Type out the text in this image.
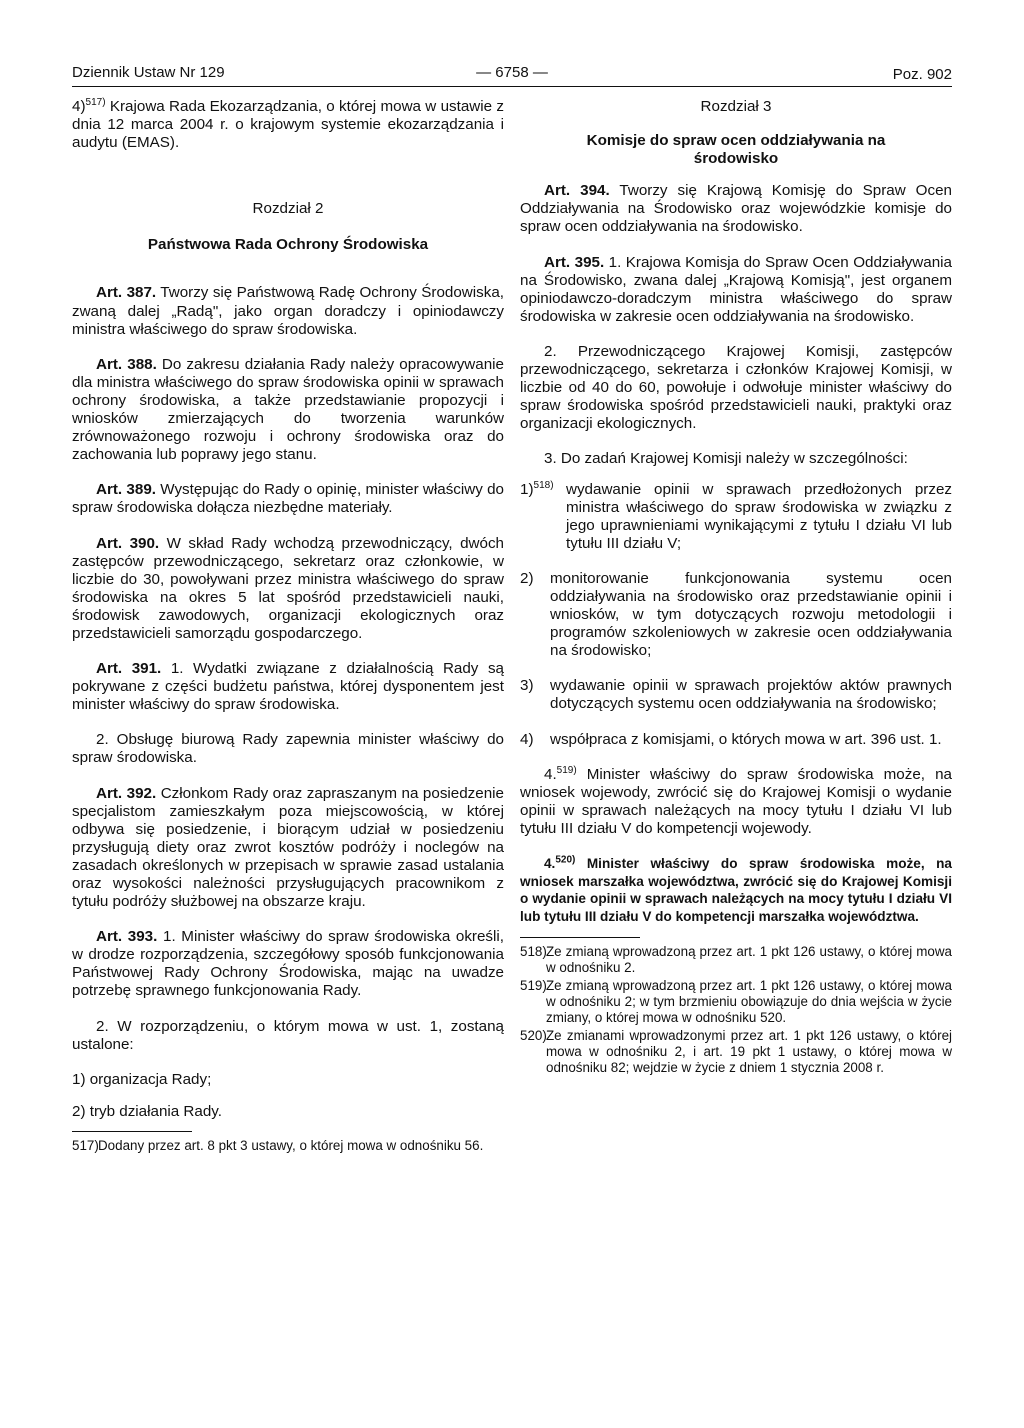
Dziennik Ustaw Nr 129	— 6758 —	Poz. 902
4)$^{517)}$ Krajowa Rada Ekozarządzania, o której mowa w ustawie z dnia 12 marca 2004 r. o krajowym systemie ekozarządzania i audytu (EMAS).

Rozdział 2

Państwowa Rada Ochrony Środowiska

Art. 387. Tworzy się Państwową Radę Ochrony Środowiska, zwaną dalej „Radą", jako organ doradczy i opiniodawczy ministra właściwego do spraw środowiska.

Art. 388. Do zakresu działania Rady należy opracowywanie dla ministra właściwego do spraw środowiska opinii w sprawach ochrony środowiska, a także przedstawianie propozycji i wniosków zmierzających do tworzenia warunków zrównoważonego rozwoju i ochrony środowiska oraz do zachowania lub poprawy jego stanu.

Art. 389. Występując do Rady o opinię, minister właściwy do spraw środowiska dołącza niezbędne materiały.

Art. 390. W skład Rady wchodzą przewodniczący, dwóch zastępców przewodniczącego, sekretarz oraz członkowie, w liczbie do 30, powoływani przez ministra właściwego do spraw środowiska na okres 5 lat spośród przedstawicieli nauki, środowisk zawodowych, organizacji ekologicznych oraz przedstawicieli samorządu gospodarczego.

Art. 391. 1. Wydatki związane z działalnością Rady są pokrywane z części budżetu państwa, której dysponentem jest minister właściwy do spraw środowiska.

2. Obsługę biurową Rady zapewnia minister właściwy do spraw środowiska.

Art. 392. Członkom Rady oraz zapraszanym na posiedzenie specjalistom zamieszkałym poza miejscowością, w której odbywa się posiedzenie, i biorącym udział w posiedzeniu przysługują diety oraz zwrot kosztów podróży i noclegów na zasadach określonych w przepisach w sprawie zasad ustalania oraz wysokości należności przysługujących pracownikom z tytułu podróży służbowej na obszarze kraju.

Art. 393. 1. Minister właściwy do spraw środowiska określi, w drodze rozporządzenia, szczegółowy sposób funkcjonowania Państwowej Rady Ochrony Środowiska, mając na uwadze potrzebę sprawnego funkcjonowania Rady.

2. W rozporządzeniu, o którym mowa w ust. 1, zostaną ustalone:

1) organizacja Rady;

2) tryb działania Rady.

517) Dodany przez art. 8 pkt 3 ustawy, o której mowa w odnośniku 56.

Rozdział 3

Komisje do spraw ocen oddziaływania na środowisko

Art. 394. Tworzy się Krajową Komisję do Spraw Ocen Oddziaływania na Środowisko oraz wojewódzkie komisje do spraw ocen oddziaływania na środowisko.

Art. 395. 1. Krajowa Komisja do Spraw Ocen Oddziaływania na Środowisko, zwana dalej „Krajową Komisją", jest organem opiniodawczo-doradczym ministra właściwego do spraw środowiska w zakresie ocen oddziaływania na środowisko.

2. Przewodniczącego Krajowej Komisji, zastępców przewodniczącego, sekretarza i członków Krajowej Komisji, w liczbie od 40 do 60, powołuje i odwołuje minister właściwy do spraw środowiska spośród przedstawicieli nauki, praktyki oraz organizacji ekologicznych.

3. Do zadań Krajowej Komisji należy w szczególności:

1)$^{518)}$ wydawanie opinii w sprawach przedłożonych przez ministra właściwego do spraw środowiska w związku z jego uprawnieniami wynikającymi z tytułu I działu VI lub tytułu III działu V;
2) monitorowanie funkcjonowania systemu ocen oddziaływania na środowisko oraz przedstawianie opinii i wniosków, w tym dotyczących rozwoju metodologii i programów szkoleniowych w zakresie ocen oddziaływania na środowisko;
3) wydawanie opinii w sprawach projektów aktów prawnych dotyczących systemu ocen oddziaływania na środowisko;
4) współpraca z komisjami, o których mowa w art. 396 ust. 1.

4.$^{519)}$ Minister właściwy do spraw środowiska może, na wniosek wojewody, zwrócić się do Krajowej Komisji o wydanie opinii w sprawach należących na mocy tytułu I działu VI lub tytułu III działu V do kompetencji wojewody.

4.$^{520)}$ Minister właściwy do spraw środowiska może, na wniosek marszałka województwa, zwrócić się do Krajowej Komisji o wydanie opinii w sprawach należących na mocy tytułu I działu VI lub tytułu III działu V do kompetencji marszałka województwa.

518) Ze zmianą wprowadzoną przez art. 1 pkt 126 ustawy, o której mowa w odnośniku 2.
519) Ze zmianą wprowadzoną przez art. 1 pkt 126 ustawy, o której mowa w odnośniku 2; w tym brzmieniu obowiązuje do dnia wejścia w życie zmiany, o której mowa w odnośniku 520.
520) Ze zmianami wprowadzonymi przez art. 1 pkt 126 ustawy, o której mowa w odnośniku 2, i art. 19 pkt 1 ustawy, o której mowa w odnośniku 82; wejdzie w życie z dniem 1 stycznia 2008 r.
